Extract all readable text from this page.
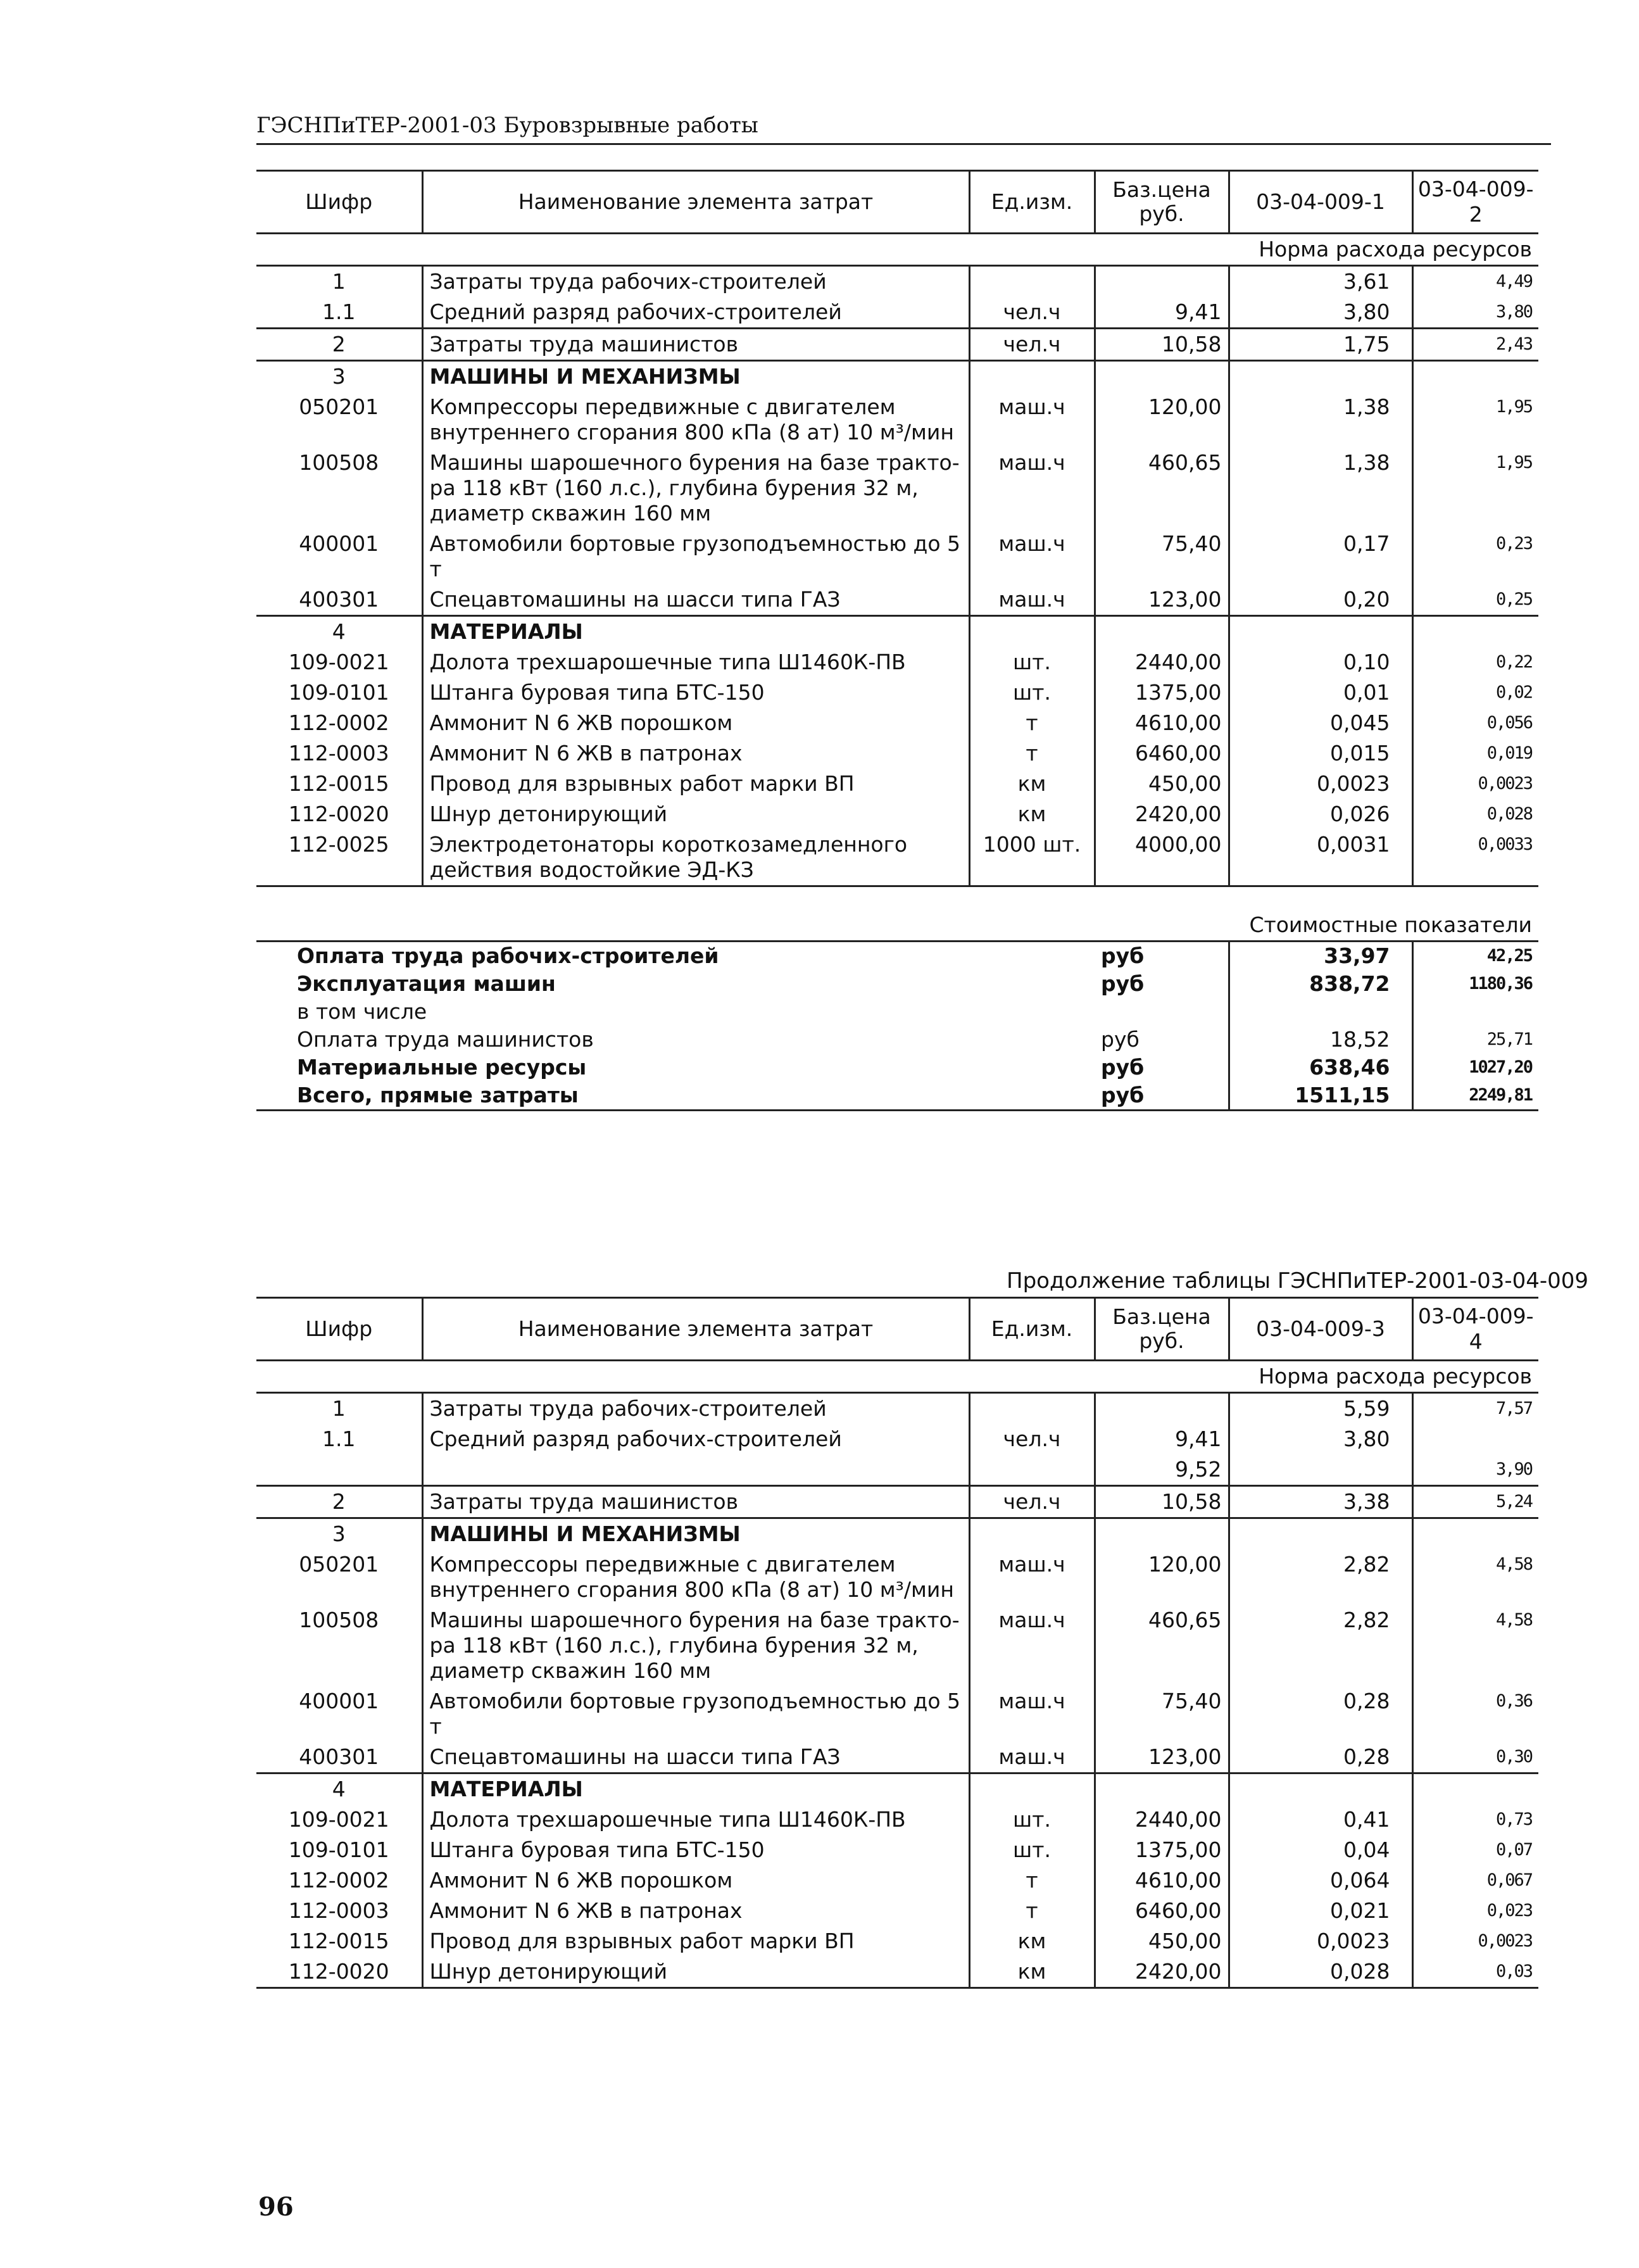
ГЭСНПиТЕР-2001-03 Буровзрывные работы
Шифр	Наименование элемента затрат	Ед.изм.	Баз.цена руб.	03-04-009-1	03-04-009-2
Норма расхода ресурсов					
1	Затраты труда рабочих-строителей			3,61	4,49
1.1	Средний разряд рабочих-строителей	чел.ч	9,41	3,80	3,80
2	Затраты труда машинистов	чел.ч	10,58	1,75	2,43
3	МАШИНЫ И МЕХАНИЗМЫ				
050201	Компрессоры передвижные с двигателем внутреннего сгорания 800 кПа (8 ат) 10 м³/мин	маш.ч	120,00	1,38	1,95
100508	Машины шарошечного бурения на базе тракто-ра 118 кВт (160 л.с.), глубина бурения 32 м, диаметр скважин 160 мм	маш.ч	460,65	1,38	1,95
400001	Автомобили бортовые грузоподъемностью до 5 т	маш.ч	75,40	0,17	0,23
400301	Спецавтомашины на шасси типа ГАЗ	маш.ч	123,00	0,20	0,25
4	МАТЕРИАЛЫ				
109-0021	Долота трехшарошечные типа Ш1460К-ПВ	шт.	2440,00	0,10	0,22
109-0101	Штанга буровая типа БТС-150	шт.	1375,00	0,01	0,02
112-0002	Аммонит N 6 ЖВ порошком	т	4610,00	0,045	0,056
112-0003	Аммонит N 6 ЖВ в патронах	т	6460,00	0,015	0,019
112-0015	Провод для взрывных работ марки ВП	км	450,00	0,0023	0,0023
112-0020	Шнур детонирующий	км	2420,00	0,026	0,028
112-0025	Электродетонаторы короткозамедленного действия водостойкие ЭД-КЗ	1000 шт.	4000,00	0,0031	0,0033
Стоимостные показатели					
Оплата труда рабочих-строителей			руб	33,97	42,25
Эксплуатация машин			руб	838,72	1180,36
в том числе					
Оплата труда машинистов			руб	18,52	25,71
Материальные ресурсы			руб	638,46	1027,20
Всего, прямые затраты			руб	1511,15	2249,81
Продолжение таблицы ГЭСНПиТЕР-2001-03-04-009
Шифр	Наименование элемента затрат	Ед.изм.	Баз.цена руб.	03-04-009-3	03-04-009-4
Норма расхода ресурсов					
1	Затраты труда рабочих-строителей			5,59	7,57
1.1	Средний разряд рабочих-строителей	чел.ч	9,41	3,80	
			9,52		3,90
2	Затраты труда машинистов	чел.ч	10,58	3,38	5,24
3	МАШИНЫ И МЕХАНИЗМЫ				
050201	Компрессоры передвижные с двигателем внутреннего сгорания 800 кПа (8 ат) 10 м³/мин	маш.ч	120,00	2,82	4,58
100508	Машины шарошечного бурения на базе тракто-ра 118 кВт (160 л.с.), глубина бурения 32 м, диаметр скважин 160 мм	маш.ч	460,65	2,82	4,58
400001	Автомобили бортовые грузоподъемностью до 5 т	маш.ч	75,40	0,28	0,36
400301	Спецавтомашины на шасси типа ГАЗ	маш.ч	123,00	0,28	0,30
4	МАТЕРИАЛЫ				
109-0021	Долота трехшарошечные типа Ш1460К-ПВ	шт.	2440,00	0,41	0,73
109-0101	Штанга буровая типа БТС-150	шт.	1375,00	0,04	0,07
112-0002	Аммонит N 6 ЖВ порошком	т	4610,00	0,064	0,067
112-0003	Аммонит N 6 ЖВ в патронах	т	6460,00	0,021	0,023
112-0015	Провод для взрывных работ марки ВП	км	450,00	0,0023	0,0023
112-0020	Шнур детонирующий	км	2420,00	0,028	0,03
96
